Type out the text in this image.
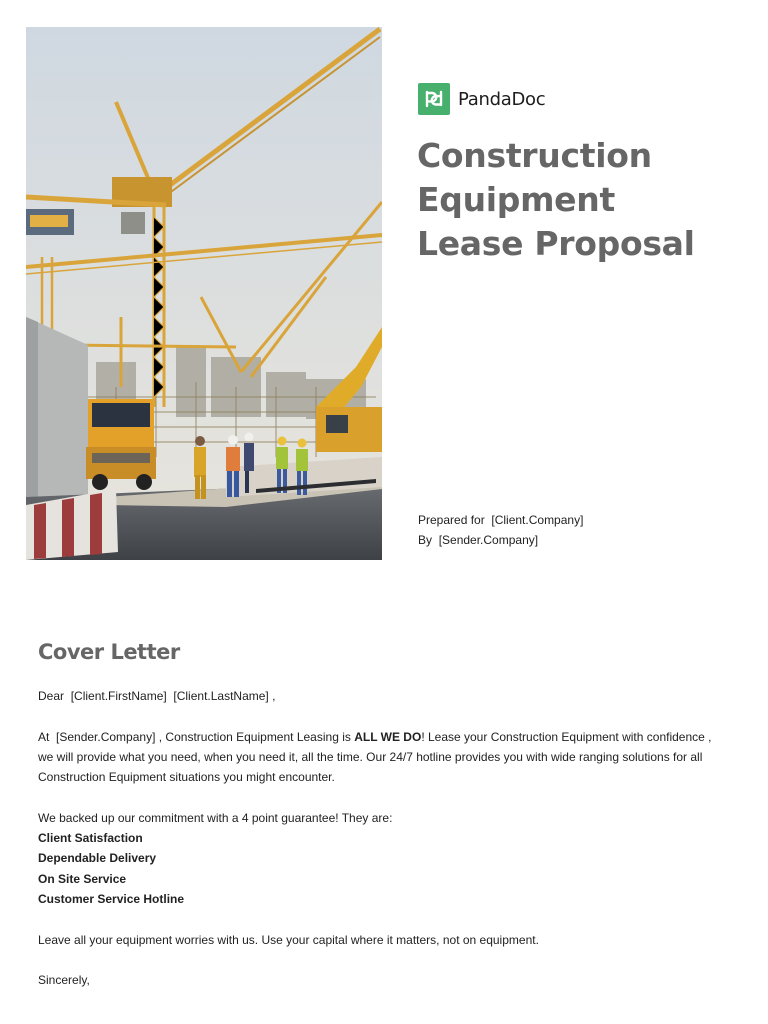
PandaDoc
Construction
Equipment
Lease Proposal
Prepared for [Client.Company]
By [Sender.Company]
Cover Letter

Dear  [Client.FirstName] [Client.LastName] ,

At  [Sender.Company] , Construction Equipment Leasing is ALL WE DO! Lease your Construction Equipment with confidence , we will provide what you need, when you need it, all the time. Our 24/7 hotline provides you with wide ranging solutions for all Construction Equipment situations you might encounter.

We backed up our commitment with a 4 point guarantee! They are:

Client Satisfaction

Dependable Delivery

On Site Service

Customer Service Hotline

Leave all your equipment worries with us. Use your capital where it matters, not on equipment.

Sincerely,
